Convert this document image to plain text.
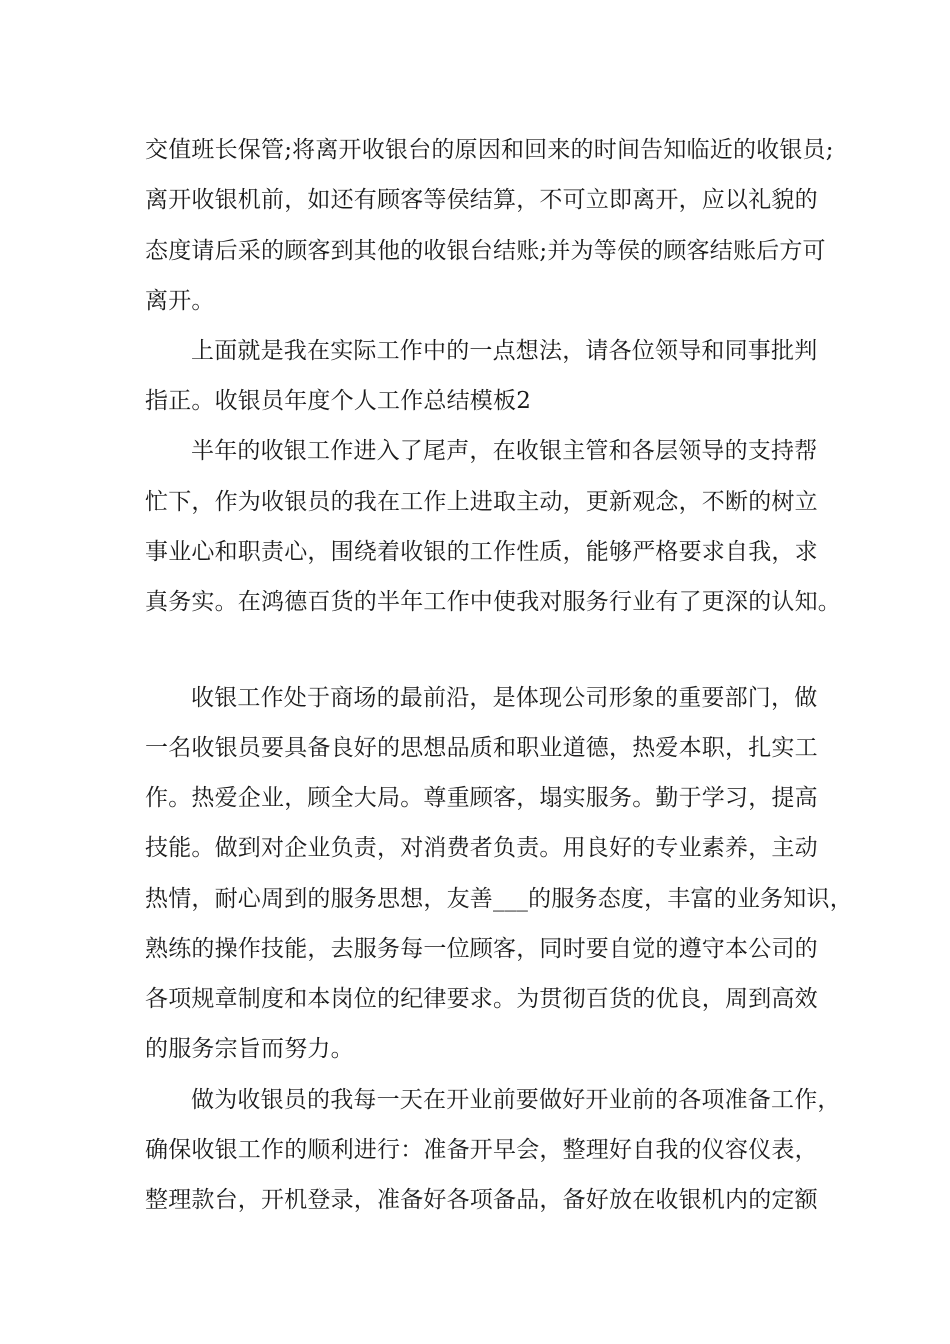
交值班长保管;将离开收银台的原因和回来的时间告知临近的收银员;

离开收银机前，如还有顾客等侯结算，不可立即离开，应以礼貌的

态度请后采的顾客到其他的收银台结账;并为等侯的顾客结账后方可

离开。

上面就是我在实际工作中的一点想法，请各位领导和同事批判

指正。收银员年度个人工作总结模板2

半年的收银工作进入了尾声，在收银主管和各层领导的支持帮

忙下，作为收银员的我在工作上进取主动，更新观念，不断的树立

事业心和职责心，围绕着收银的工作性质，能够严格要求自我，求

真务实。在鸿德百货的半年工作中使我对服务行业有了更深的认知。

收银工作处于商场的最前沿，是体现公司形象的重要部门，做

一名收银员要具备良好的思想品质和职业道德，热爱本职，扎实工

作。热爱企业，顾全大局。尊重顾客，塌实服务。勤于学习，提高

技能。做到对企业负责，对消费者负责。用良好的专业素养，主动

热情，耐心周到的服务思想，友善___的服务态度，丰富的业务知识，

熟练的操作技能，去服务每一位顾客，同时要自觉的遵守本公司的

各项规章制度和本岗位的纪律要求。为贯彻百货的优良，周到高效

的服务宗旨而努力。

做为收银员的我每一天在开业前要做好开业前的各项准备工作，

确保收银工作的顺利进行：准备开早会，整理好自我的仪容仪表，

整理款台，开机登录，准备好各项备品，备好放在收银机内的定额
